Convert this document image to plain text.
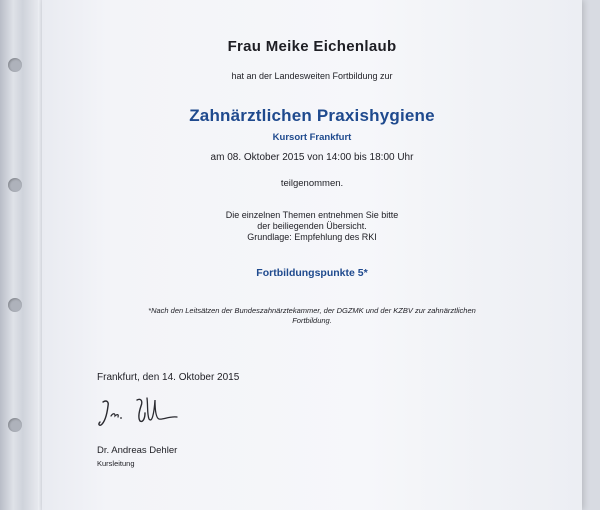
Frau Meike Eichenlaub
hat an der Landesweiten Fortbildung zur
Zahnärztlichen Praxishygiene
Kursort Frankfurt
am 08. Oktober 2015 von 14:00 bis 18:00 Uhr
teilgenommen.
Die einzelnen Themen entnehmen Sie bitte
der beiliegenden Übersicht.
Grundlage: Empfehlung des RKI
Fortbildungspunkte 5*
*Nach den Leitsätzen der Bundeszahnärztekammer, der DGZMK und der KZBV zur zahnärztlichen
Fortbildung.
Frankfurt, den 14. Oktober 2015
Dr. Andreas Dehler
Kursleitung
